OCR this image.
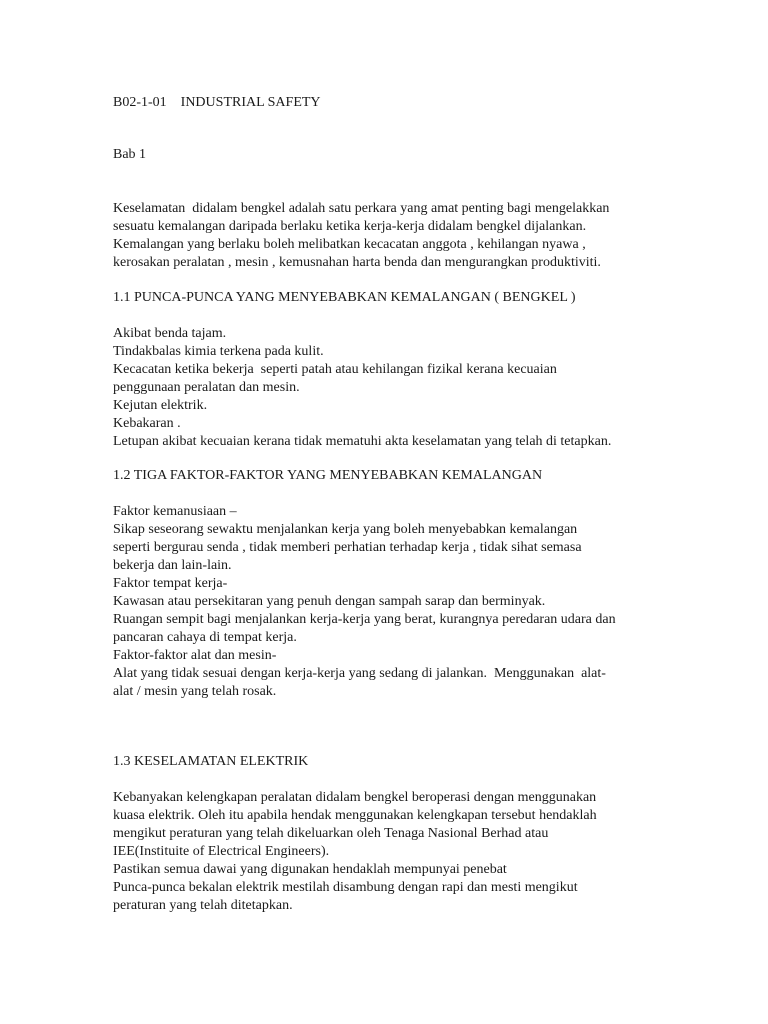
B02-1-01    INDUSTRIAL SAFETY
Bab 1
Keselamatan  didalam bengkel adalah satu perkara yang amat penting bagi mengelakkan
sesuatu kemalangan daripada berlaku ketika kerja-kerja didalam bengkel dijalankan.
Kemalangan yang berlaku boleh melibatkan kecacatan anggota , kehilangan nyawa ,
kerosakan peralatan , mesin , kemusnahan harta benda dan mengurangkan produktiviti.
1.1 PUNCA-PUNCA YANG MENYEBABKAN KEMALANGAN ( BENGKEL )
Akibat benda tajam.
Tindakbalas kimia terkena pada kulit.
Kecacatan ketika bekerja  seperti patah atau kehilangan fizikal kerana kecuaian
penggunaan peralatan dan mesin.
Kejutan elektrik.
Kebakaran .
Letupan akibat kecuaian kerana tidak mematuhi akta keselamatan yang telah di tetapkan.
1.2 TIGA FAKTOR-FAKTOR YANG MENYEBABKAN KEMALANGAN
Faktor kemanusiaan –
Sikap seseorang sewaktu menjalankan kerja yang boleh menyebabkan kemalangan
seperti bergurau senda , tidak memberi perhatian terhadap kerja , tidak sihat semasa
bekerja dan lain-lain.
Faktor tempat kerja-
Kawasan atau persekitaran yang penuh dengan sampah sarap dan berminyak.
Ruangan sempit bagi menjalankan kerja-kerja yang berat, kurangnya peredaran udara dan
pancaran cahaya di tempat kerja.
Faktor-faktor alat dan mesin-
Alat yang tidak sesuai dengan kerja-kerja yang sedang di jalankan.  Menggunakan  alat-
alat / mesin yang telah rosak.
1.3 KESELAMATAN ELEKTRIK
Kebanyakan kelengkapan peralatan didalam bengkel beroperasi dengan menggunakan
kuasa elektrik. Oleh itu apabila hendak menggunakan kelengkapan tersebut hendaklah
mengikut peraturan yang telah dikeluarkan oleh Tenaga Nasional Berhad atau
IEE(Instituite of Electrical Engineers).
Pastikan semua dawai yang digunakan hendaklah mempunyai penebat
Punca-punca bekalan elektrik mestilah disambung dengan rapi dan mesti mengikut
peraturan yang telah ditetapkan.
